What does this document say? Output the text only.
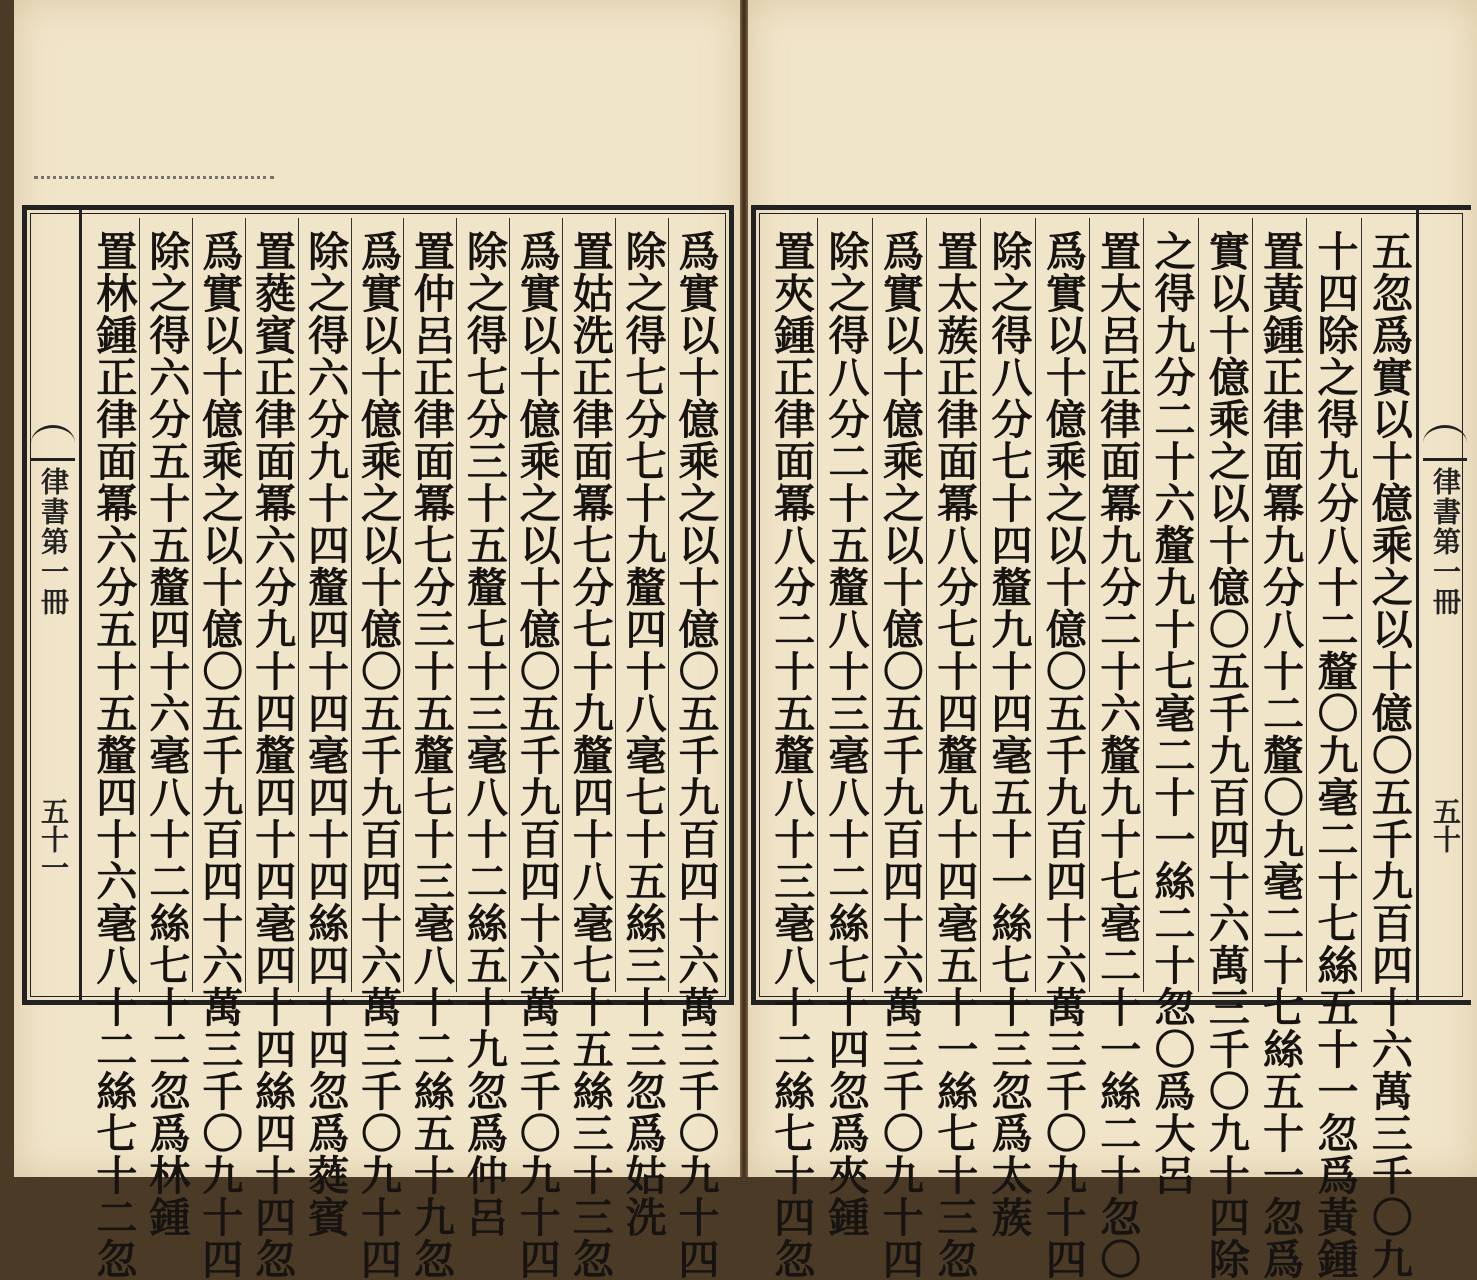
律書第一冊
五十一	爲實以十億乘之以十億〇五千九百四十六萬三千〇九十四
除之得七分七十九釐四十八毫七十五絲三十三忽爲姑洗
置姑洗正律面冪七分七十九釐四十八毫七十五絲三十三忽
爲實以十億乘之以十億〇五千九百四十六萬三千〇九十四
除之得七分三十五釐七十三毫八十二絲五十九忽爲仲呂
置仲呂正律面冪七分三十五釐七十三毫八十二絲五十九忽
爲實以十億乘之以十億〇五千九百四十六萬三千〇九十四
除之得六分九十四釐四十四毫四十四絲四十四忽爲蕤賓
置蕤賓正律面冪六分九十四釐四十四毫四十四絲四十四忽
爲實以十億乘之以十億〇五千九百四十六萬三千〇九十四
除之得六分五十五釐四十六毫八十二絲七十二忽爲林鍾
置林鍾正律面冪六分五十五釐四十六毫八十二絲七十二忽	五忽爲實以十億乘之以十億〇五千九百四十六萬三千〇九
十四除之得九分八十二釐〇九毫二十七絲五十一忽爲黃鍾
置黃鍾正律面冪九分八十二釐〇九毫二十七絲五十一忽爲
實以十億乘之以十億〇五千九百四十六萬三千〇九十四除
之得九分二十六釐九十七毫二十一絲二十忽〇爲大呂
置大呂正律面冪九分二十六釐九十七毫二十一絲二十忽〇
爲實以十億乘之以十億〇五千九百四十六萬三千〇九十四
除之得八分七十四釐九十四毫五十一絲七十三忽爲太蔟
置太蔟正律面冪八分七十四釐九十四毫五十一絲七十三忽
爲實以十億乘之以十億〇五千九百四十六萬三千〇九十四
除之得八分二十五釐八十三毫八十二絲七十四忽爲夾鍾
置夾鍾正律面冪八分二十五釐八十三毫八十二絲七十四忽	律書第一冊
五十
